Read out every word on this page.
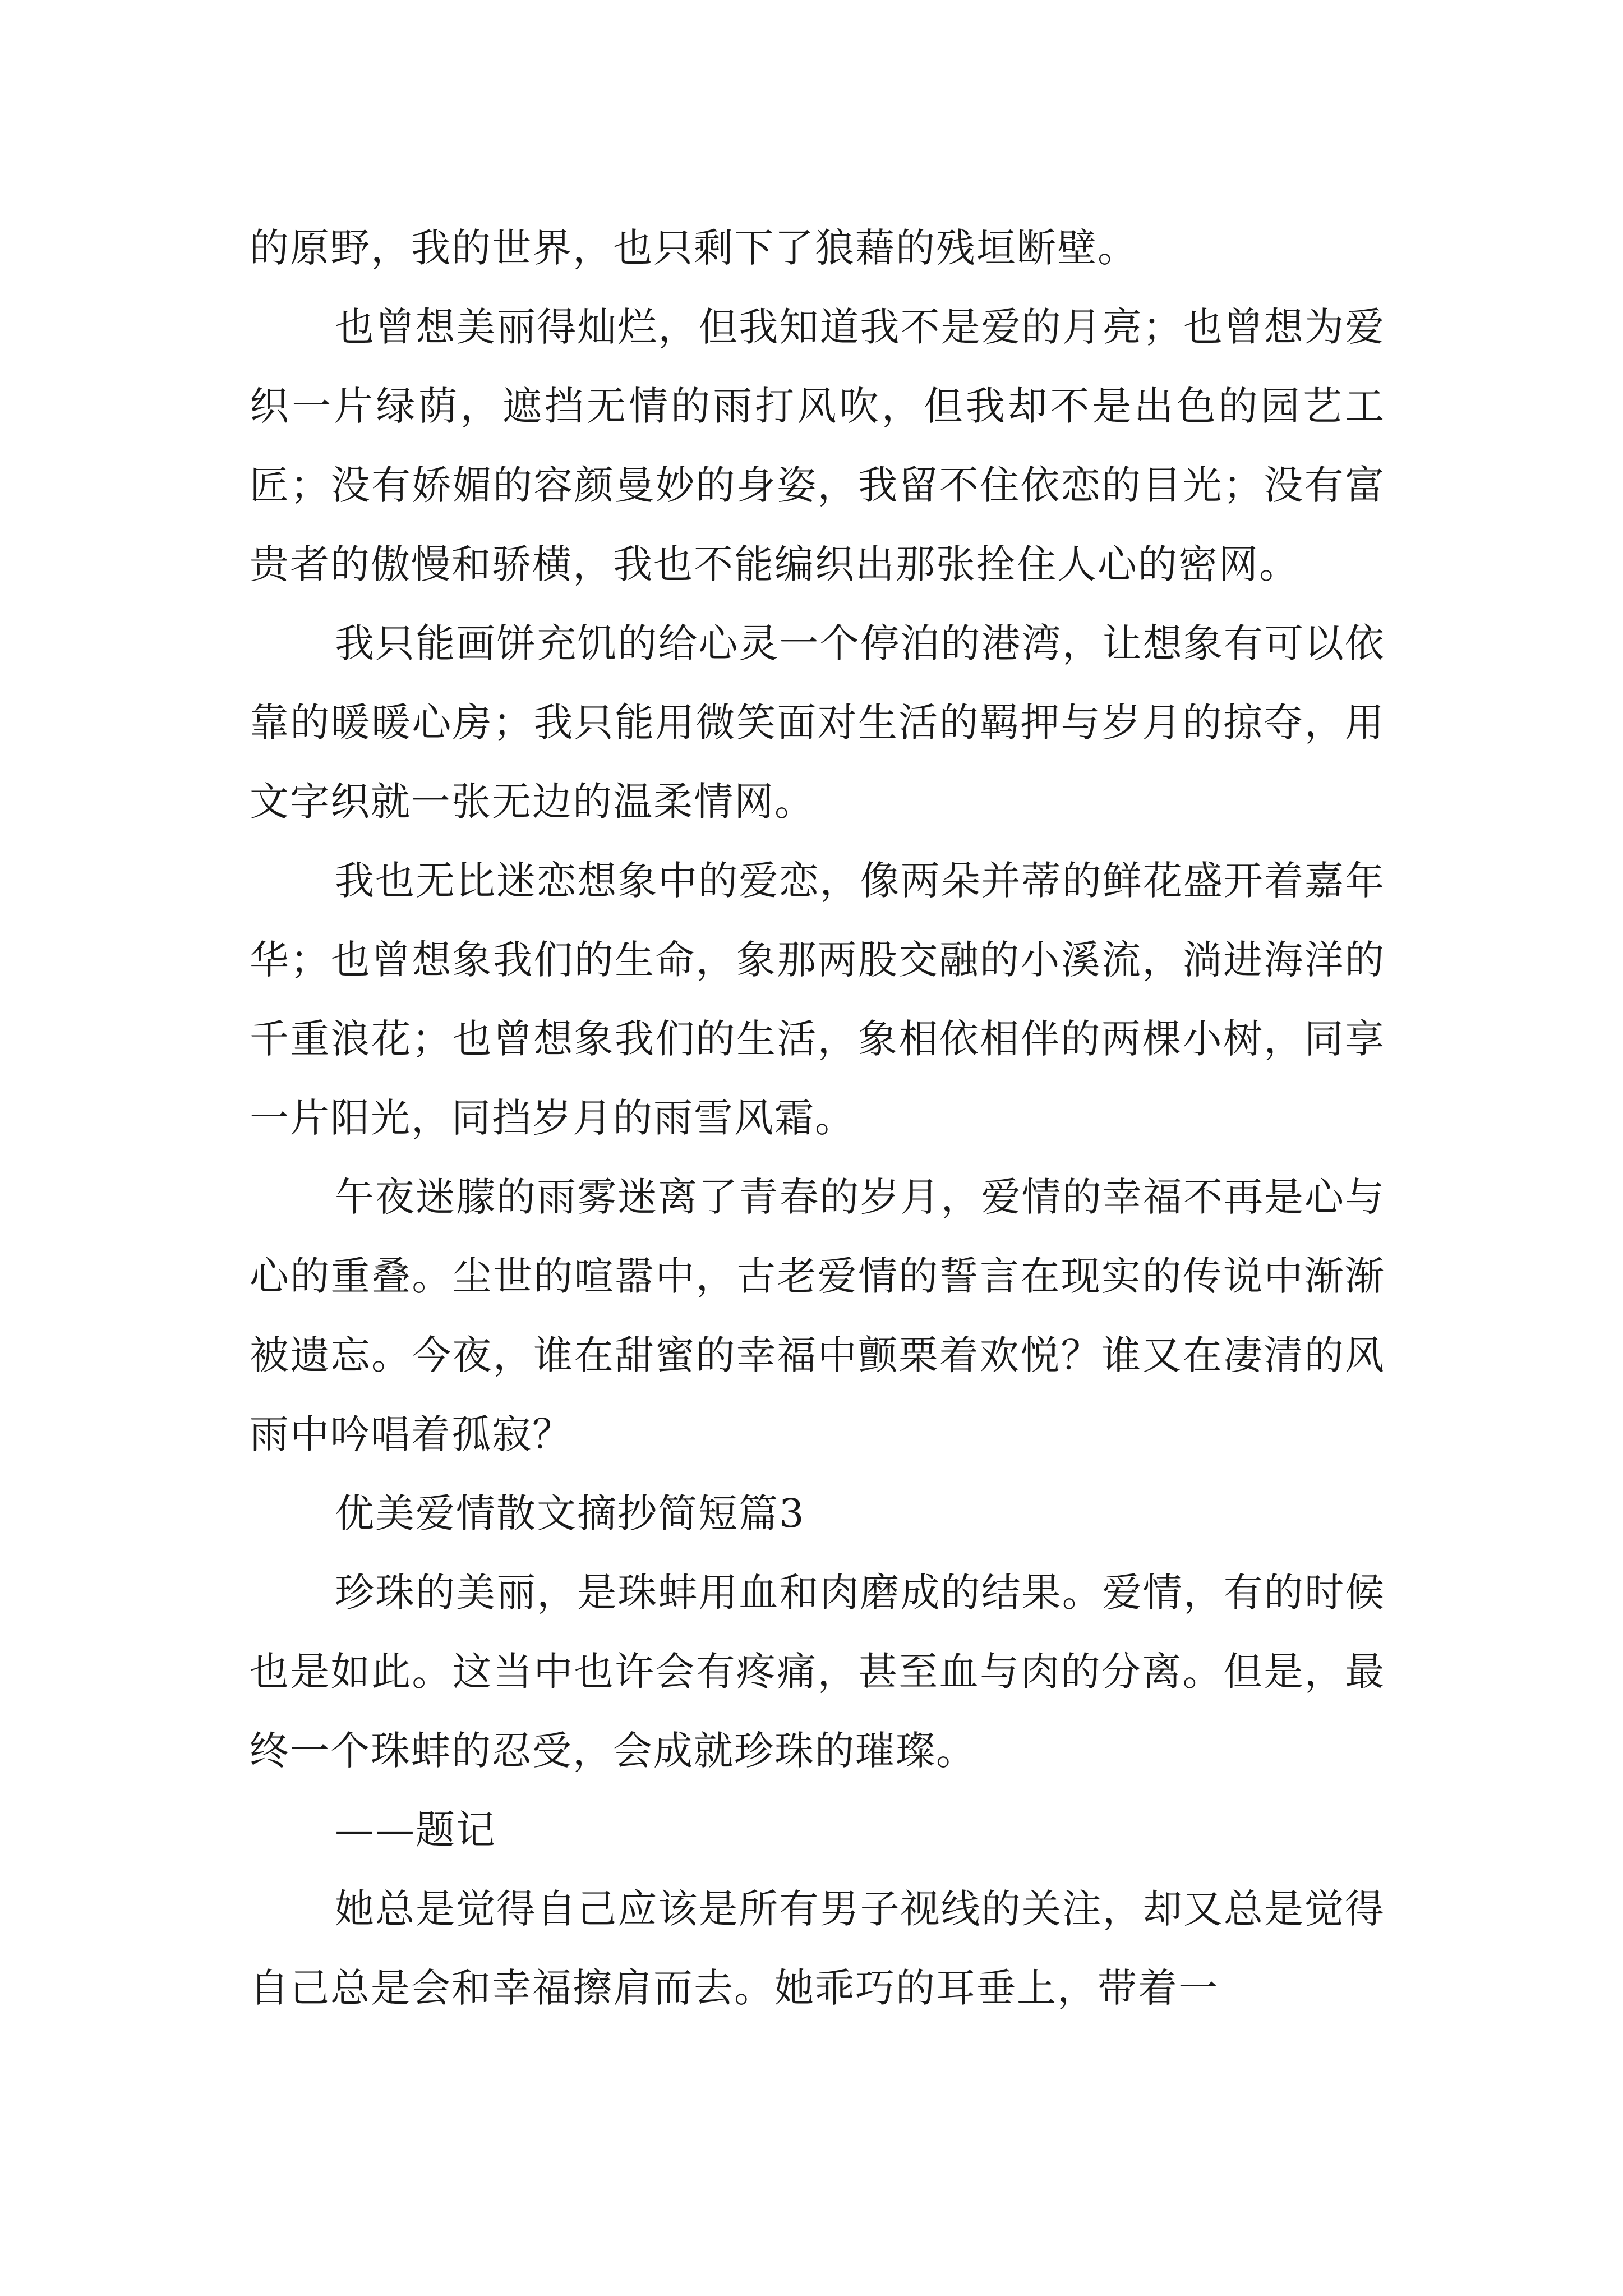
的原野，我的世界，也只剩下了狼藉的残垣断壁。

也曾想美丽得灿烂，但我知道我不是爱的月亮；也曾想为爱织一片绿荫，遮挡无情的雨打风吹，但我却不是出色的园艺工匠；没有娇媚的容颜曼妙的身姿，我留不住依恋的目光；没有富贵者的傲慢和骄横，我也不能编织出那张拴住人心的密网。

我只能画饼充饥的给心灵一个停泊的港湾，让想象有可以依靠的暖暖心房；我只能用微笑面对生活的羁押与岁月的掠夺，用文字织就一张无边的温柔情网。

我也无比迷恋想象中的爱恋，像两朵并蒂的鲜花盛开着嘉年华；也曾想象我们的生命，象那两股交融的小溪流，淌进海洋的千重浪花；也曾想象我们的生活，象相依相伴的两棵小树，同享一片阳光，同挡岁月的雨雪风霜。

午夜迷朦的雨雾迷离了青春的岁月，爱情的幸福不再是心与心的重叠。尘世的喧嚣中，古老爱情的誓言在现实的传说中渐渐被遗忘。今夜，谁在甜蜜的幸福中颤栗着欢悦？谁又在凄清的风雨中吟唱着孤寂？

优美爱情散文摘抄简短篇3

珍珠的美丽，是珠蚌用血和肉磨成的结果。爱情，有的时候也是如此。这当中也许会有疼痛，甚至血与肉的分离。但是，最终一个珠蚌的忍受，会成就珍珠的璀璨。

——题记

她总是觉得自己应该是所有男子视线的关注，却又总是觉得自己总是会和幸福擦肩而去。她乖巧的耳垂上，带着一
